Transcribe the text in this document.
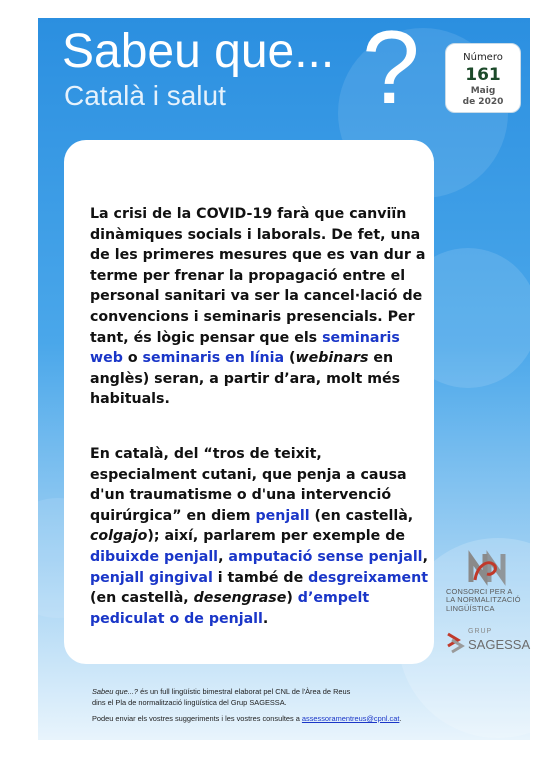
Sabeu que... ?
Català i salut
Número
161
Maig
de 2020

La crisi de la COVID-19 farà que canviïn dinàmiques socials i laborals. De fet, una de les primeres mesures que es van dur a terme per frenar la propagació entre el personal sanitari va ser la cancel·lació de convencions i seminaris presencials. Per tant, és lògic pensar que els seminaris web o seminaris en línia (webinars en anglès) seran, a partir d’ara, molt més habituals.

En català, del “tros de teixit, especialment cutani, que penja a causa d'un traumatisme o d'una intervenció quirúrgica” en diem penjall (en castellà, colgajo); així, parlarem per exemple de dibuixde penjall, amputació sense penjall, penjall gingival i també de desgreixament (en castellà, desengrase) d’empelt pediculat o de penjall.

CONSORCI PER A
LA NORMALITZACIÓ
LINGÜÍSTICA
GRUP
SAGESSA
Sabeu que...? és un full lingüístic bimestral elaborat pel CNL de l'Àrea de Reus
dins el Pla de normalització lingüística del Grup SAGESSA.
Podeu enviar els vostres suggeriments i les vostres consultes a assessoramentreus@cpnl.cat.
